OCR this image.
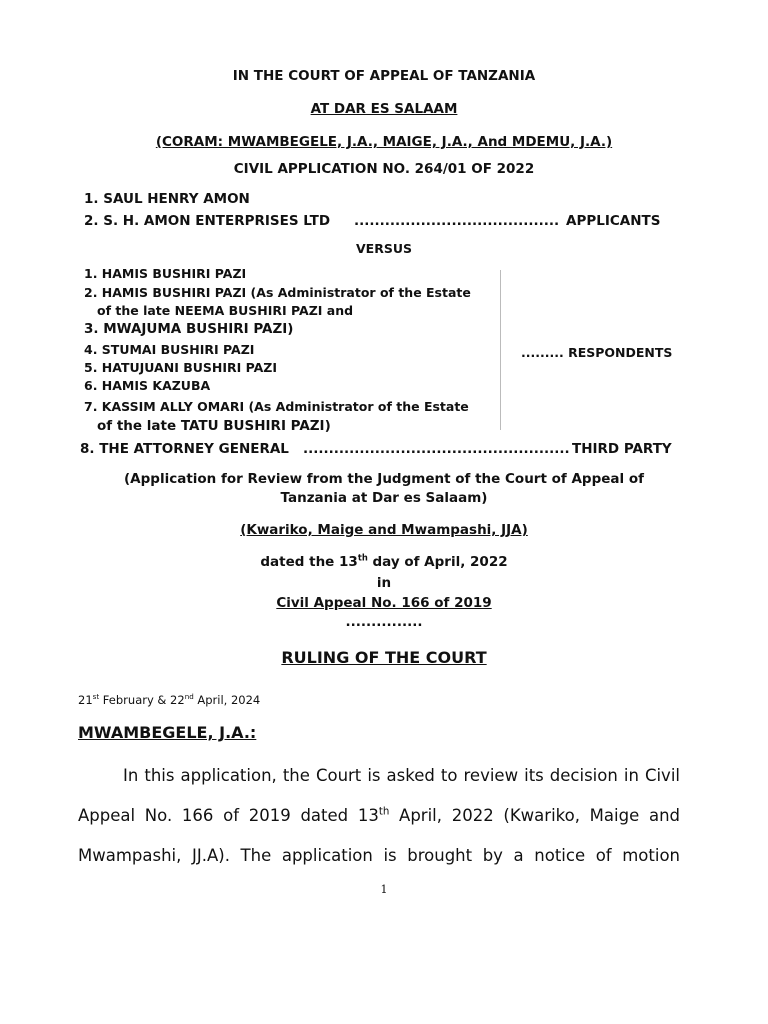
IN THE COURT OF APPEAL OF TANZANIA
AT DAR ES SALAAM
(CORAM: MWAMBEGELE, J.A., MAIGE, J.A., And MDEMU, J.A.)
CIVIL APPLICATION NO. 264/01 OF 2022
1. SAUL HENRY AMON
2. S. H. AMON ENTERPRISES LTD ........................................ APPLICANTS
VERSUS
1. HAMIS BUSHIRI PAZI
2. HAMIS BUSHIRI PAZI (As Administrator of the Estate
of the late NEEMA BUSHIRI PAZI and
3. MWAJUMA BUSHIRI PAZI)
4. STUMAI BUSHIRI PAZI
5. HATUJUANI BUSHIRI PAZI
6. HAMIS KAZUBA
7. KASSIM ALLY OMARI (As Administrator of the Estate
of the late TATU BUSHIRI PAZI)
......... RESPONDENTS
8. THE ATTORNEY GENERAL .................................................... THIRD PARTY
(Application for Review from the Judgment of the Court of Appeal of
Tanzania at Dar es Salaam)
(Kwariko, Maige and Mwampashi, JJA)
dated the 13th day of April, 2022
in
Civil Appeal No. 166 of 2019
...............
RULING OF THE COURT
21st February & 22nd April, 2024
MWAMBEGELE, J.A.:
In this application, the Court is asked to review its decision in Civil
Appeal No. 166 of 2019 dated 13th April, 2022 (Kwariko, Maige and
Mwampashi, JJ.A). The application is brought by a notice of motion
1
